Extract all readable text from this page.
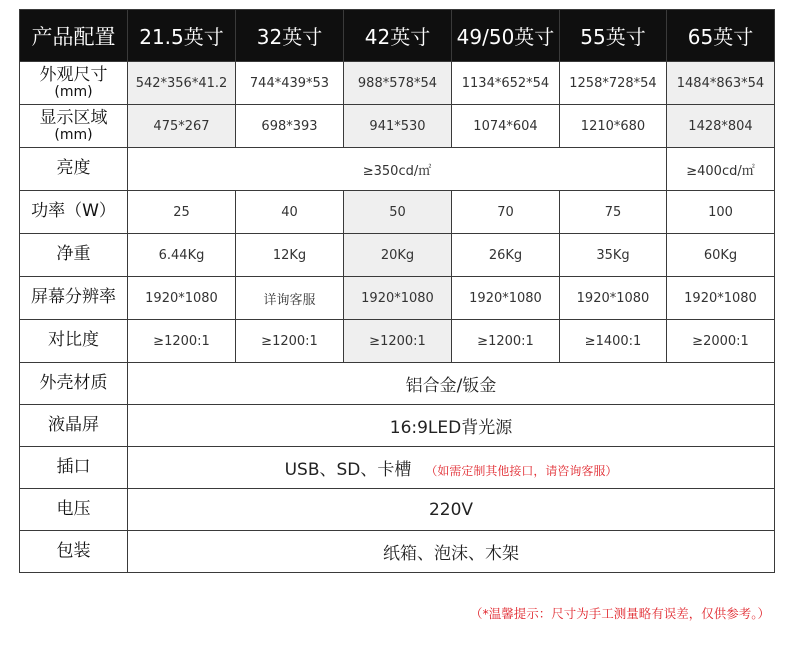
产品配置	21.5英寸	32英寸	42英寸	49/50英寸	55英寸	65英寸

外观尺寸
(mm)	542*356*41.2	744*439*53	988*578*54	1134*652*54	1258*728*54	1484*863*54

显示区域
(mm)	475*267	698*393	941*530	1074*604	1210*680	1428*804
亮度	≥350cd/㎡					≥400cd/㎡
功率（W）	25	40	50	70	75	100
净重	6.44Kg	12Kg	20Kg	26Kg	35Kg	60Kg
屏幕分辨率	1920*1080	详询客服	1920*1080	1920*1080	1920*1080	1920*1080
对比度	≥1200:1	≥1200:1	≥1200:1	≥1200:1	≥1400:1	≥2000:1
外壳材质	铝合金/钣金					
液晶屏	16:9LED背光源					
插口	USB、SD、卡槽 （如需定制其他接口，请咨询客服）					
电压	220V					
包装	纸箱、泡沫、木架					
（*温馨提示：尺寸为手工测量略有误差，仅供参考。）
